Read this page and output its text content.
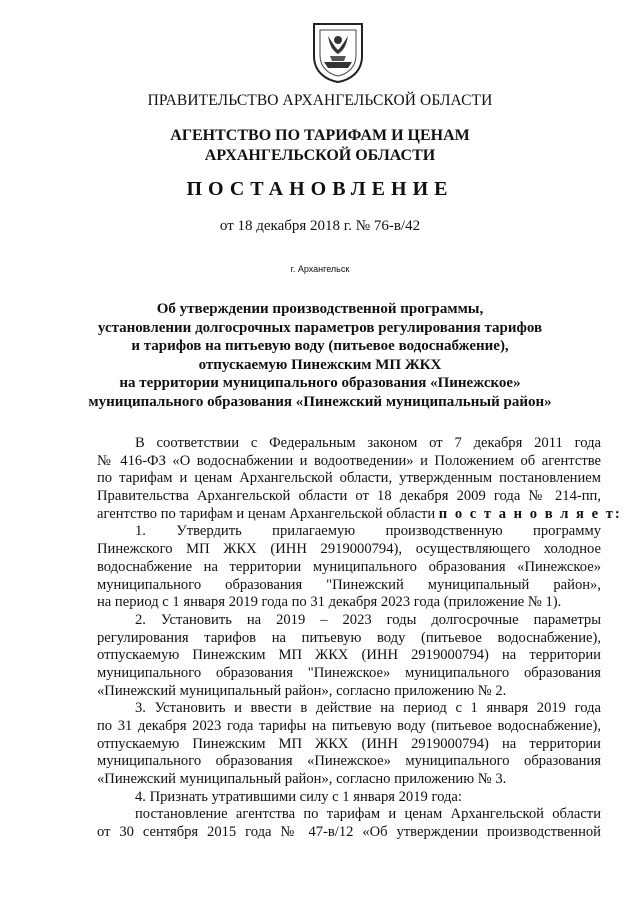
ПРАВИТЕЛЬСТВО АРХАНГЕЛЬСКОЙ ОБЛАСТИ
АГЕНТСТВО ПО ТАРИФАМ И ЦЕНАМ
АРХАНГЕЛЬСКОЙ ОБЛАСТИ
ПОСТАНОВЛЕНИЕ
от 18 декабря 2018 г. № 76-в/42
г. Архангельск
Об утверждении производственной программы,
установлении долгосрочных параметров регулирования тарифов
и тарифов на питьевую воду (питьевое водоснабжение),
отпускаемую Пинежским МП ЖКХ
на территории муниципального образования «Пинежское»
муниципального образования «Пинежский муниципальный район»
В соответствии с Федеральным законом от 7 декабря 2011 года
№ 416-ФЗ «О водоснабжении и водоотведении» и Положением об агентстве
по тарифам и ценам Архангельской области, утвержденным постановлением
Правительства Архангельской области от 18 декабря 2009 года № 214-пп,
агентство по тарифам и ценам Архангельской области п о с т а н о в л я е т:
1. Утвердить прилагаемую производственную программу
Пинежского МП ЖКХ (ИНН 2919000794), осуществляющего холодное
водоснабжение на территории муниципального образования «Пинежское»
муниципального образования "Пинежский муниципальный район»,
на период с 1 января 2019 года по 31 декабря 2023 года (приложение № 1).
2. Установить на 2019 – 2023 годы долгосрочные параметры
регулирования тарифов на питьевую воду (питьевое водоснабжение),
отпускаемую Пинежским МП ЖКХ (ИНН 2919000794) на территории
муниципального образования "Пинежское» муниципального образования
«Пинежский муниципальный район», согласно приложению № 2.
3. Установить и ввести в действие на период с 1 января 2019 года
по 31 декабря 2023 года тарифы на питьевую воду (питьевое водоснабжение),
отпускаемую Пинежским МП ЖКХ (ИНН 2919000794) на территории
муниципального образования «Пинежское» муниципального образования
«Пинежский муниципальный район», согласно приложению № 3.
4. Признать утратившими силу с 1 января 2019 года:
постановление агентства по тарифам и ценам Архангельской области
от 30 сентября 2015 года № 47-в/12 «Об утверждении производственной
